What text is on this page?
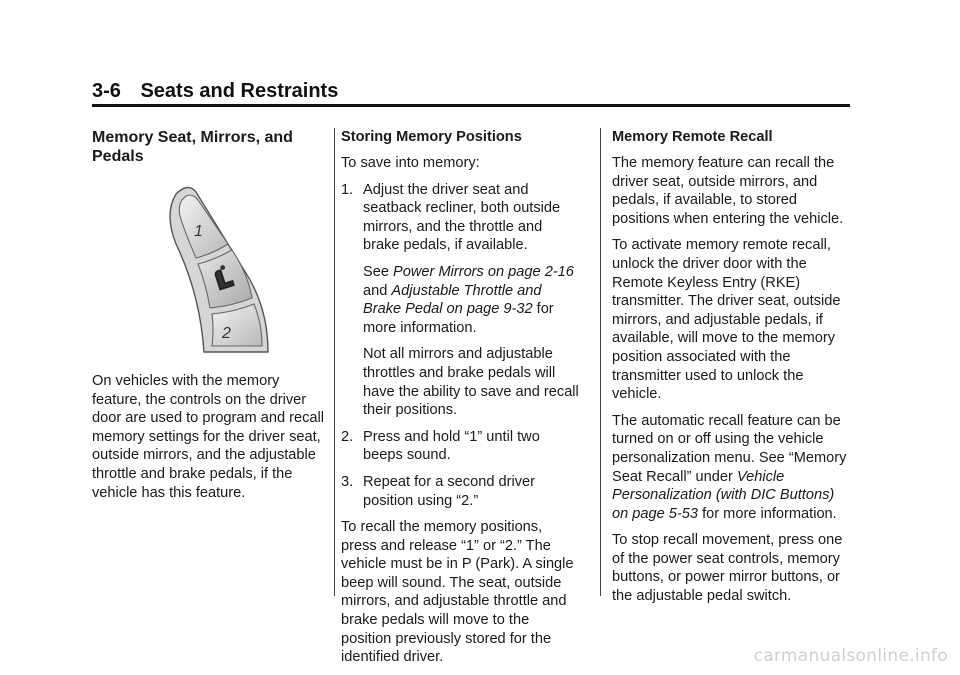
3-6 Seats and Restraints
Memory Seat, Mirrors, and Pedals
1
2

On vehicles with the memory feature, the controls on the driver door are used to program and recall memory settings for the driver seat, outside mirrors, and the adjustable throttle and brake pedals, if the vehicle has this feature.

Storing Memory Positions

To save into memory:

1. Adjust the driver seat and seatback recliner, both outside mirrors, and the throttle and brake pedals, if available.
See Power Mirrors on page 2-16 and Adjustable Throttle and Brake Pedal on page 9-32 for more information.
Not all mirrors and adjustable throttles and brake pedals will have the ability to save and recall their positions.
2. Press and hold “1” until two beeps sound.
3. Repeat for a second driver position using “2.”

To recall the memory positions, press and release “1” or “2.” The vehicle must be in P (Park). A single beep will sound. The seat, outside mirrors, and adjustable throttle and brake pedals will move to the position previously stored for the identified driver.

Memory Remote Recall

The memory feature can recall the driver seat, outside mirrors, and pedals, if available, to stored positions when entering the vehicle.

To activate memory remote recall, unlock the driver door with the Remote Keyless Entry (RKE) transmitter. The driver seat, outside mirrors, and adjustable pedals, if available, will move to the memory position associated with the transmitter used to unlock the vehicle.

The automatic recall feature can be turned on or off using the vehicle personalization menu. See “Memory Seat Recall” under Vehicle Personalization (with DIC Buttons) on page 5-53 for more information.

To stop recall movement, press one of the power seat controls, memory buttons, or power mirror buttons, or the adjustable pedal switch.

carmanualsonline.info
